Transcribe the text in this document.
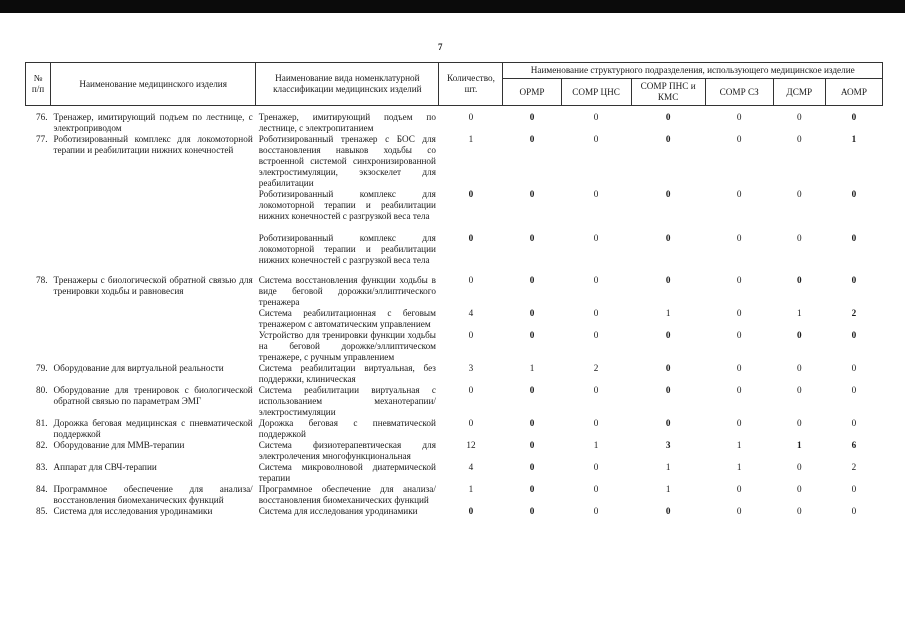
7
№ п/п	Наименование медицинского изделия	Наименование вида номенклатурной классификации медицинских изделий	Количество, шт.	Наименование структурного подразделения, использующего медицинское изделие					
				ОРМР	СОМР ЦНС	СОМР ПНС и КМС	СОМР СЗ	ДСМР	АОМР

76.	Тренажер, имитирующий подъем по лестнице, с электроприводом	Тренажер, имитирующий подъем по лестнице, с электропитанием	0	0	0	0	0	0	0
77.	Роботизированный комплекс для локомоторной терапии и реабилитации нижних конечностей	Роботизированный тренажер с БОС для восстановления навыков ходьбы со встроенной системой синхронизированной электростимуляции, экзоскелет для реабилитации	1	0	0	0	0	0	1
		Роботизированный комплекс для локомоторной терапии и реабилитации нижних конечностей с разгрузкой веса тела	0	0	0	0	0	0	0
		Роботизированный комплекс для локомоторной терапии и реабилитации нижних конечностей с разгрузкой веса тела	0	0	0	0	0	0	0
78.	Тренажеры с биологической обратной связью для тренировки ходьбы и равновесия	Система восстановления функции ходьбы в виде беговой дорожки/эллиптического тренажера	0	0	0	0	0	0	0
		Система реабилитационная с беговым тренажером с автоматическим управлением	4	0	0	1	0	1	2
		Устройство для тренировки функции ходьбы на беговой дорожке/эллиптическом тренажере, с ручным управлением	0	0	0	0	0	0	0
79.	Оборудование для виртуальной реальности	Система реабилитации виртуальная, без поддержки, клиническая	3	1	2	0	0	0	0
80.	Оборудование для тренировок с биологической обратной связью по параметрам ЭМГ	Система реабилитации виртуальная с использованием механотерапии/ электростимуляции	0	0	0	0	0	0	0
81.	Дорожка беговая медицинская с пневматической поддержкой	Дорожка беговая с пневматической поддержкой	0	0	0	0	0	0	0
82.	Оборудование для ММВ-терапии	Система физиотерапевтическая для электролечения многофункциональная	12	0	1	3	1	1	6
83.	Аппарат для СВЧ-терапии	Система микроволновой диатермической терапии	4	0	0	1	1	0	2
84.	Программное обеспечение для анализа/восстановления биомеханических функций	Программное обеспечение для анализа/восстановления биомеханических функций	1	0	0	1	0	0	0
85.	Система для исследования уродинамики	Система для исследования уродинамики	0	0	0	0	0	0	0
